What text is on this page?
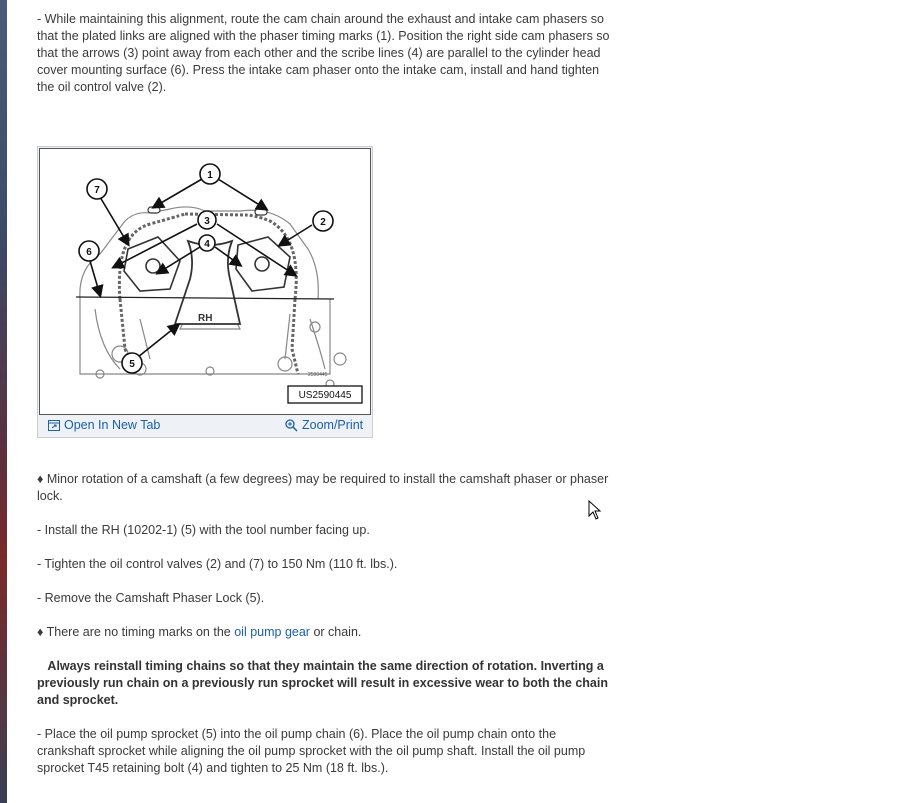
- While maintaining this alignment, route the cam chain around the exhaust and intake cam phasers so that the plated links are aligned with the phaser timing marks (1). Position the right side cam phasers so that the arrows (3) point away from each other and the scribe lines (4) are parallel to the cylinder head cover mounting surface (6). Press the intake cam phaser onto the intake cam, install and hand tighten the oil control valve (2).

RH
1
2
3
4
5
6
7
2590445
US2590445
Open In New Tab	Zoom/Print

♦ Minor rotation of a camshaft (a few degrees) may be required to install the camshaft phaser or phaser lock.

- Install the RH (10202-1) (5) with the tool number facing up.

- Tighten the oil control valves (2) and (7) to 150 Nm (110 ft. lbs.).

- Remove the Camshaft Phaser Lock (5).

♦ There are no timing marks on the oil pump gear or chain.

Always reinstall timing chains so that they maintain the same direction of rotation. Inverting a previously run chain on a previously run sprocket will result in excessive wear to both the chain and sprocket.

- Place the oil pump sprocket (5) into the oil pump chain (6). Place the oil pump chain onto the crankshaft sprocket while aligning the oil pump sprocket with the oil pump shaft. Install the oil pump sprocket T45 retaining bolt (4) and tighten to 25 Nm (18 ft. lbs.).
